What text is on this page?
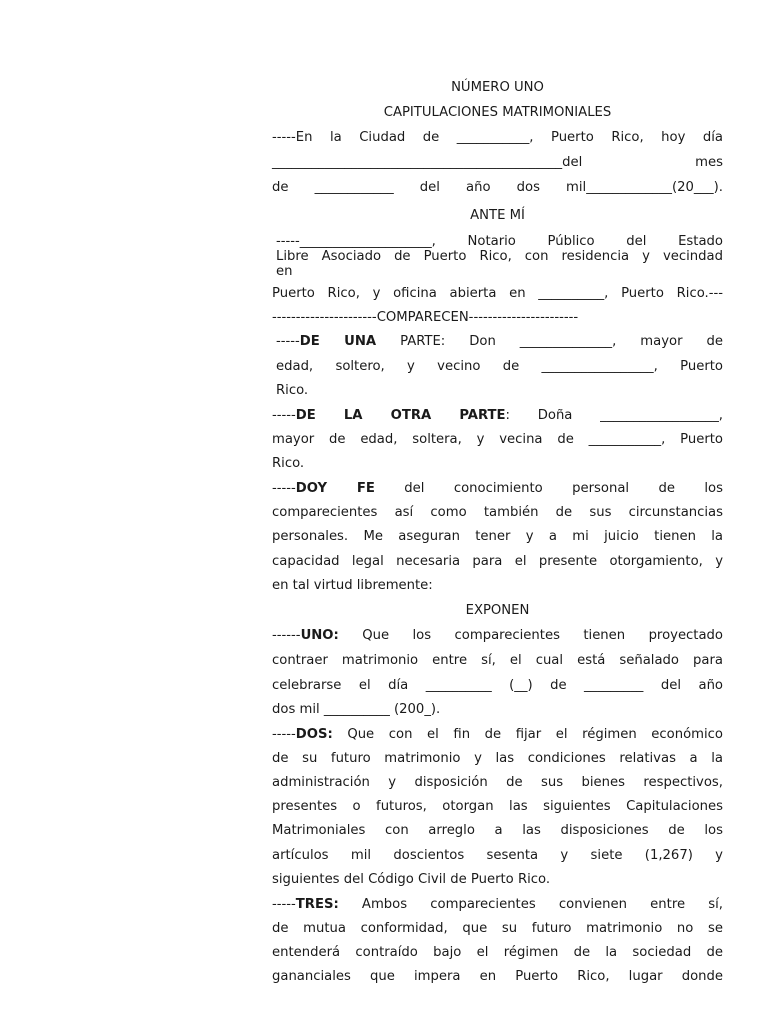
NÚMERO UNO
CAPITULACIONES MATRIMONIALES
-----En la Ciudad de ___________, Puerto Rico, hoy día
____________________________________________del mes
de ____________ del año dos mil_____________(20___).
ANTE MÍ
-----____________________, Notario Público del Estado
Libre Asociado de Puerto Rico, con residencia y vecindad
en
Puerto Rico, y oficina abierta en __________, Puerto Rico.---
----------------------COMPARECEN-----------------------
-----DE UNA PARTE: Don ______________, mayor de
edad, soltero, y vecino de _________________, Puerto
Rico.
-----DE LA OTRA PARTE: Doña __________________,
mayor de edad, soltera, y vecina de ___________, Puerto
Rico.
-----DOY FE del conocimiento personal de los
comparecientes así como también de sus circunstancias
personales. Me aseguran tener y a mi juicio tienen la
capacidad legal necesaria para el presente otorgamiento, y
en tal virtud libremente:
EXPONEN
------UNO: Que los comparecientes tienen proyectado
contraer matrimonio entre sí, el cual está señalado para
celebrarse el día __________ (__) de _________ del año
dos mil __________ (200_).
-----DOS: Que con el fin de fijar el régimen económico
de su futuro matrimonio y las condiciones relativas a la
administración y disposición de sus bienes respectivos,
presentes o futuros, otorgan las siguientes Capitulaciones
Matrimoniales con arreglo a las disposiciones de los
artículos mil doscientos sesenta y siete (1,267) y
siguientes del Código Civil de Puerto Rico.
-----TRES: Ambos comparecientes convienen entre sí,
de mutua conformidad, que su futuro matrimonio no se
entenderá contraído bajo el régimen de la sociedad de
gananciales que impera en Puerto Rico, lugar donde
